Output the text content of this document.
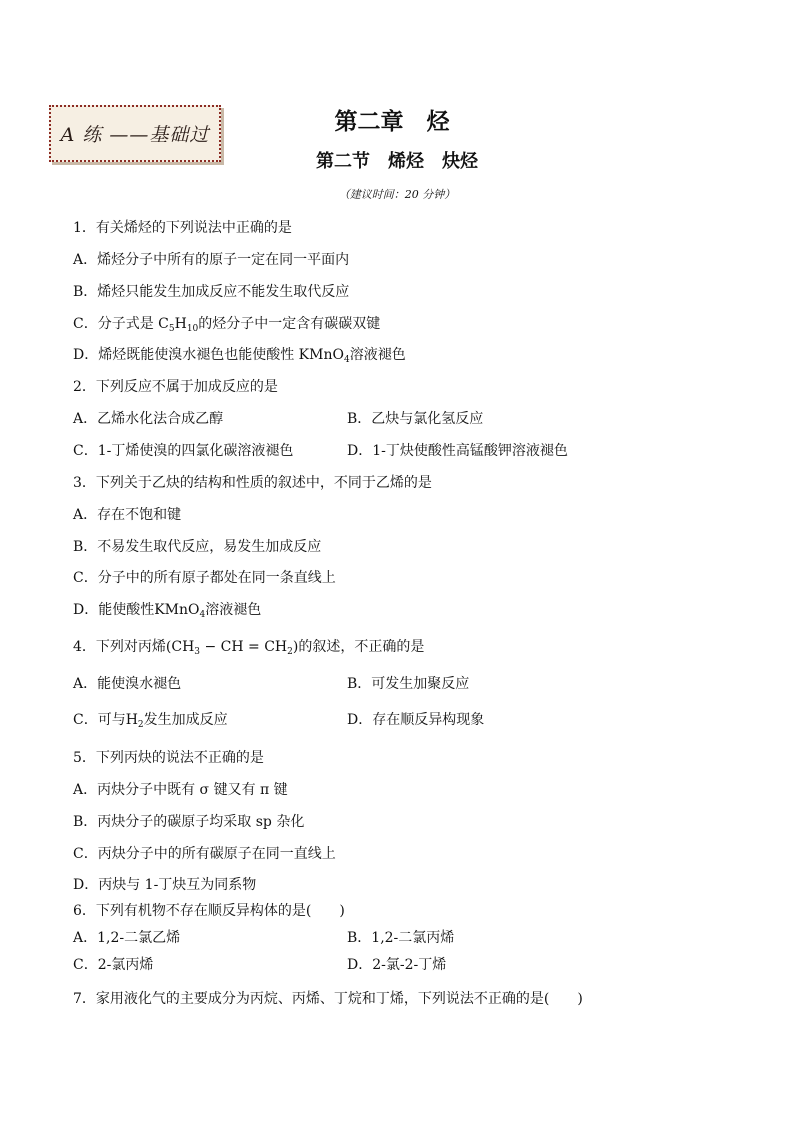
A 练 ——基础过	第二章　烃
第二节　烯烃　炔烃
（建议时间：20 分钟）
1．有关烯烃的下列说法中正确的是
A．烯烃分子中所有的原子一定在同一平面内
B．烯烃只能发生加成反应不能发生取代反应
C．分子式是 $C_5H_{10}$的烃分子中一定含有碳碳双键
D．烯烃既能使溴水褪色也能使酸性 KMnO$_4$溶液褪色
2．下列反应不属于加成反应的是
A．乙烯水化法合成乙醇	B．乙炔与氯化氢反应
C．1-丁烯使溴的四氯化碳溶液褪色	D．1-丁炔使酸性高锰酸钾溶液褪色
3．下列关于乙炔的结构和性质的叙述中，不同于乙烯的是
A．存在不饱和键
B．不易发生取代反应，易发生加成反应
C．分子中的所有原子都处在同一条直线上
D．能使酸性KMnO$_4$溶液褪色
4．下列对丙烯($CH_3$ − CH = $CH_2$)的叙述，不正确的是
A．能使溴水褪色	B．可发生加聚反应
C．可与$H_2$发生加成反应	D．存在顺反异构现象
5．下列丙炔的说法不正确的是
A．丙炔分子中既有 σ 键又有 π 键
B．丙炔分子的碳原子均采取 sp 杂化
C．丙炔分子中的所有碳原子在同一直线上
D．丙炔与 1-丁炔互为同系物
6．下列有机物不存在顺反异构体的是(　　)
A．1,2-二氯乙烯	B．1,2-二氯丙烯
C．2-氯丙烯	D．2-氯-2-丁烯
7．家用液化气的主要成分为丙烷、丙烯、丁烷和丁烯，下列说法不正确的是(　　)
